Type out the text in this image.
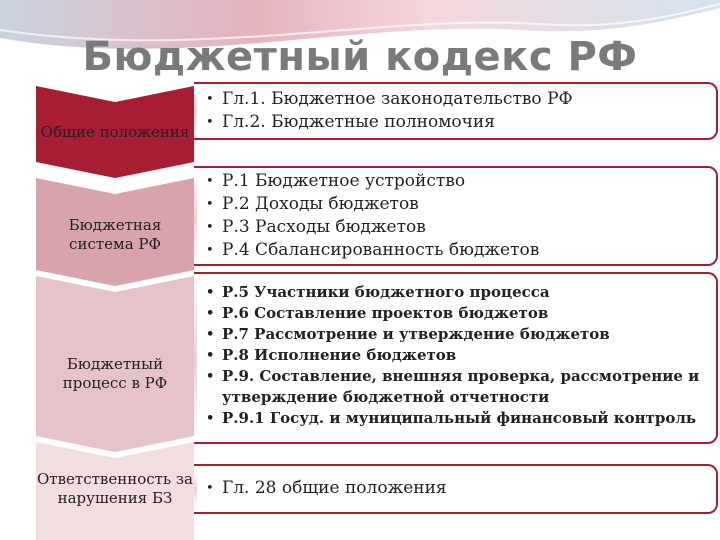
Бюджетный кодекс РФ
Общие положения
• Гл.1. Бюджетное законодательство РФ
• Гл.2. Бюджетные полномочия
Бюджетная система РФ
• Р.1 Бюджетное устройство
• Р.2 Доходы бюджетов
• Р.3 Расходы бюджетов
• Р.4 Сбалансированность бюджетов
Бюджетный процесс в РФ
• Р.5 Участники бюджетного процесса
• Р.6 Составление проектов бюджетов
• Р.7 Рассмотрение и утверждение бюджетов
• Р.8 Исполнение бюджетов
• Р.9. Составление, внешняя проверка, рассмотрение и утверждение бюджетной отчетности
• Р.9.1 Госуд. и муниципальный финансовый контроль
Ответственность за нарушения БЗ
•	Гл. 28 общие положения
